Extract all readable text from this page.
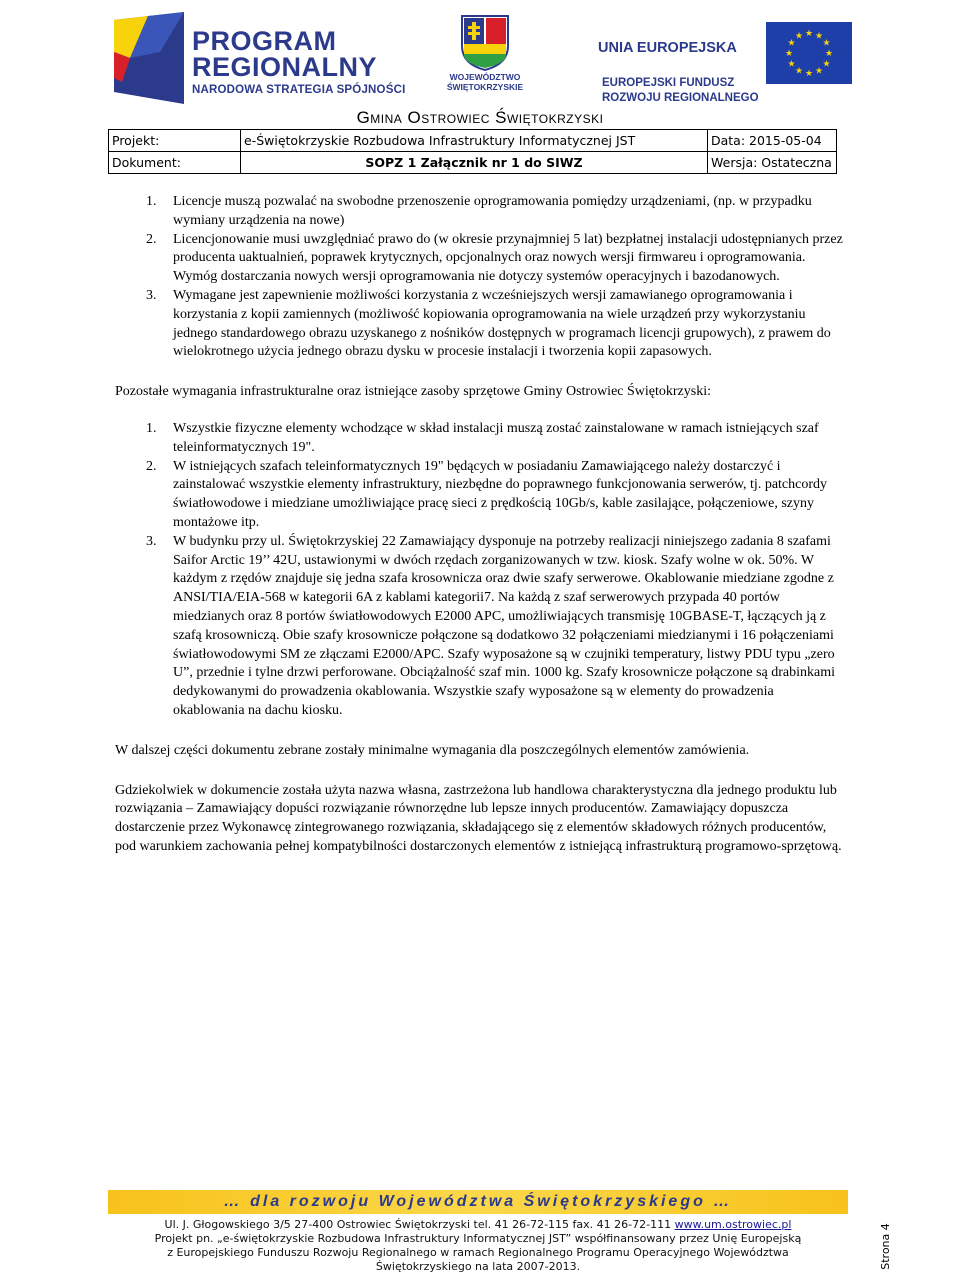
PROGRAM
REGIONALNY
NARODOWA STRATEGIA SPÓJNOŚCI
WOJEWÓDZTWO
ŚWIĘTOKRZYSKIE
UNIA EUROPEJSKA
EUROPEJSKI FUNDUSZ
ROZWOJU REGIONALNEGO
★ ★
★
★
★
★
★
★
★
★
★
★
Gmina Ostrowiec Świętokrzyski
Projekt:	e-Świętokrzyskie Rozbudowa Infrastruktury Informatycznej JST	Data: 2015-05-04
Dokument:	SOPZ 1 Załącznik nr 1 do SIWZ	Wersja: Ostateczna
1. Licencje muszą pozwalać na swobodne przenoszenie oprogramowania pomiędzy urządzeniami, (np. w przypadku wymiany urządzenia na nowe)
2. Licencjonowanie musi uwzględniać prawo do (w okresie przynajmniej 5 lat) bezpłatnej instalacji udostępnianych przez producenta uaktualnień, poprawek krytycznych, opcjonalnych oraz nowych wersji firmwareu i oprogramowania. Wymóg dostarczania nowych wersji oprogramowania nie dotyczy systemów operacyjnych i bazodanowych.
3. Wymagane jest zapewnienie możliwości korzystania z wcześniejszych wersji zamawianego oprogramowania i korzystania z kopii zamiennych (możliwość kopiowania oprogramowania na wiele urządzeń przy wykorzystaniu jednego standardowego obrazu uzyskanego z nośników dostępnych w programach licencji grupowych), z prawem do wielokrotnego użycia jednego obrazu dysku w procesie instalacji i tworzenia kopii zapasowych.

Pozostałe wymagania infrastrukturalne oraz istniejące zasoby sprzętowe Gminy Ostrowiec Świętokrzyski:

1. Wszystkie fizyczne elementy wchodzące w skład instalacji muszą zostać zainstalowane w ramach istniejących szaf teleinformatycznych 19".
2. W istniejących szafach teleinformatycznych 19" będących w posiadaniu Zamawiającego należy dostarczyć i zainstalować wszystkie elementy infrastruktury, niezbędne do poprawnego funkcjonowania serwerów, tj. patchcordy światłowodowe i miedziane umożliwiające pracę sieci z prędkością 10Gb/s, kable zasilające, połączeniowe, szyny montażowe itp.
3. W budynku przy ul. Świętokrzyskiej 22 Zamawiający dysponuje na potrzeby realizacji niniejszego zadania 8 szafami Saifor Arctic 19’’ 42U, ustawionymi w dwóch rzędach zorganizowanych w tzw. kiosk. Szafy wolne w ok. 50%. W każdym z rzędów znajduje się jedna szafa krosownicza oraz dwie szafy serwerowe. Okablowanie miedziane zgodne z ANSI/TIA/EIA-568 w kategorii 6A z kablami kategorii7. Na każdą z szaf serwerowych przypada 40 portów miedzianych oraz 8 portów światłowodowych E2000 APC, umożliwiających transmisję 10GBASE-T, łączących ją z szafą krosowniczą. Obie szafy krosownicze połączone są dodatkowo 32 połączeniami miedzianymi i 16 połączeniami światłowodowymi SM ze złączami E2000/APC. Szafy wyposażone są w czujniki temperatury, listwy PDU typu „zero U”, przednie i tylne drzwi perforowane. Obciążalność szaf min. 1000 kg. Szafy krosownicze połączone są drabinkami dedykowanymi do prowadzenia okablowania. Wszystkie szafy wyposażone są w elementy do prowadzenia okablowania na dachu kiosku.

W dalszej części dokumentu zebrane zostały minimalne wymagania dla poszczególnych elementów zamówienia.

Gdziekolwiek w dokumencie została użyta nazwa własna, zastrzeżona lub handlowa charakterystyczna dla jednego produktu lub rozwiązania – Zamawiający dopuści rozwiązanie równorzędne lub lepsze innych producentów. Zamawiający dopuszcza dostarczenie przez Wykonawcę zintegrowanego rozwiązania, składającego się z elementów składowych różnych producentów, pod warunkiem zachowania pełnej kompatybilności dostarczonych elementów z istniejącą infrastrukturą programowo-sprzętową.

… dla rozwoju Województwa Świętokrzyskiego …
Ul. J. Głogowskiego 3/5 27-400 Ostrowiec Świętokrzyski tel. 41 26-72-115 fax. 41 26-72-111 www.um.ostrowiec.pl
Projekt pn. „e-świętokrzyskie Rozbudowa Infrastruktury Informatycznej JST” współfinansowany przez Unię Europejską
z Europejskiego Funduszu Rozwoju Regionalnego w ramach Regionalnego Programu Operacyjnego Województwa
Świętokrzyskiego na lata 2007-2013.	Strona 4
